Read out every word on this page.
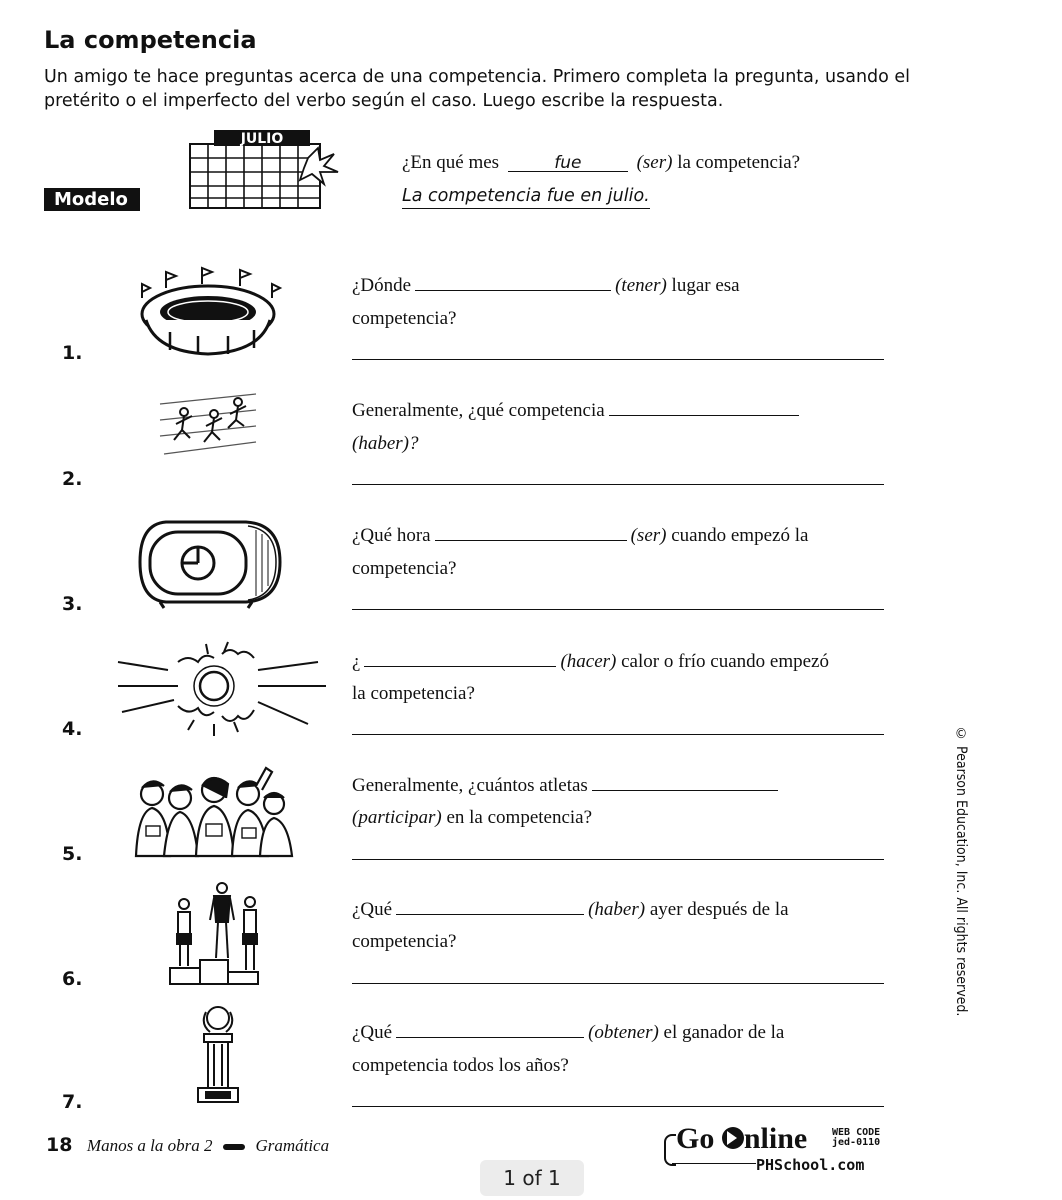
La competencia
Un amigo te hace preguntas acerca de una competencia. Primero completa la pregunta, usando el pretérito o el imperfecto del verbo según el caso. Luego escribe la respuesta.
Modelo
JULIO
¿En qué mes	fue	(ser) la competencia?
La competencia fue en julio.
1.
¿Dónde	(tener) lugar esa
competencia?
2.
Generalmente, ¿qué competencia
(haber)?
3.
¿Qué hora	(ser) cuando empezó la
competencia?
4.
¿	(hacer) calor o frío cuando empezó
la competencia?
5.
Generalmente, ¿cuántos atletas
(participar) en la competencia?
6.
¿Qué	(haber) ayer después de la
competencia?
7.
¿Qué	(obtener) el ganador de la
competencia todos los años?
© Pearson Education, Inc. All rights reserved.
18 Manos a la obra 2	Gramática	Go nline WEB CODE
jed-0110
PHSchool.com
1 of 1
